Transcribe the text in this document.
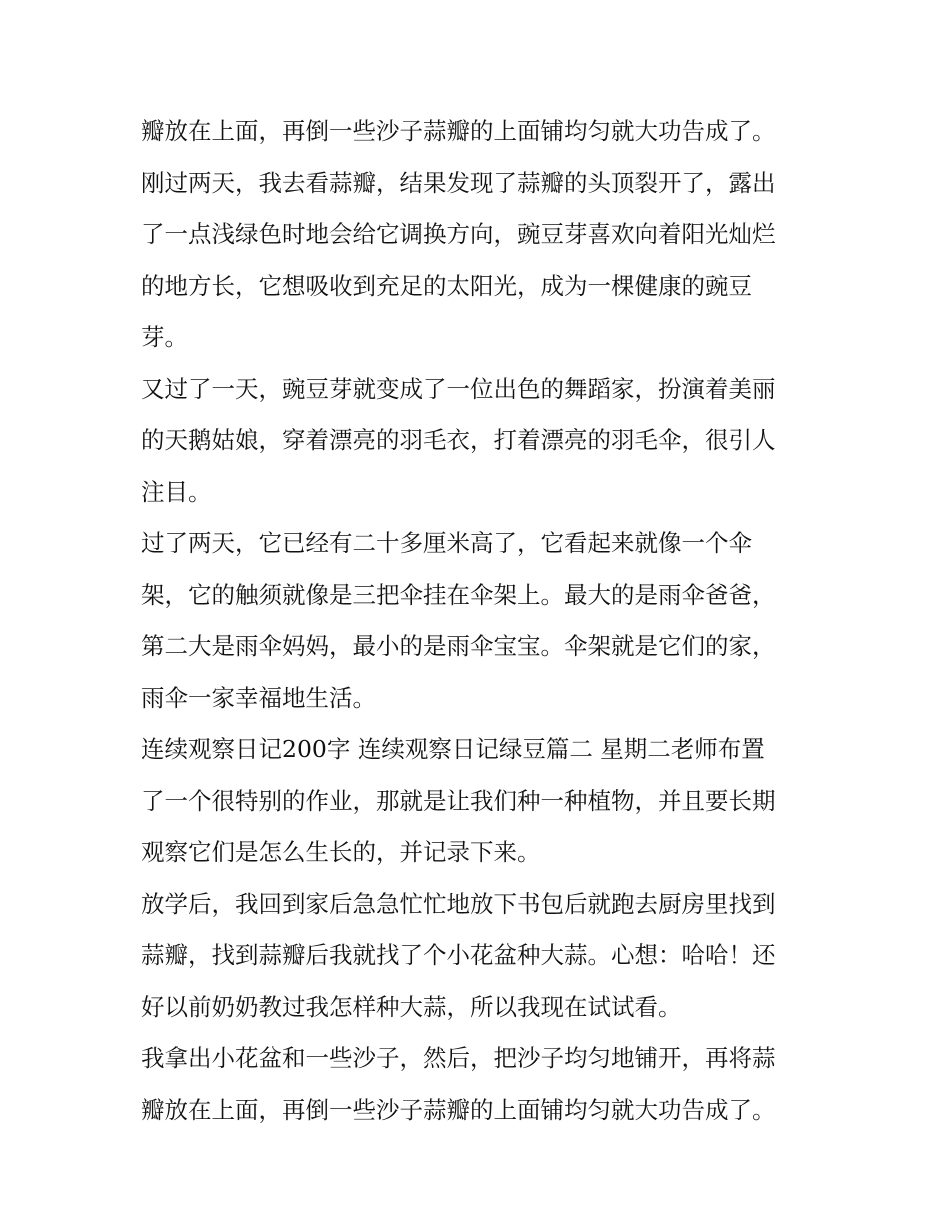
瓣放在上面，再倒一些沙子蒜瓣的上面铺均匀就大功告成了。
刚过两天，我去看蒜瓣，结果发现了蒜瓣的头顶裂开了，露出
了一点浅绿色时地会给它调换方向，豌豆芽喜欢向着阳光灿烂
的地方长，它想吸收到充足的太阳光，成为一棵健康的豌豆
芽。
又过了一天，豌豆芽就变成了一位出色的舞蹈家，扮演着美丽
的天鹅姑娘，穿着漂亮的羽毛衣，打着漂亮的羽毛伞，很引人
注目。
过了两天，它已经有二十多厘米高了，它看起来就像一个伞
架，它的触须就像是三把伞挂在伞架上。最大的是雨伞爸爸，
第二大是雨伞妈妈，最小的是雨伞宝宝。伞架就是它们的家，
雨伞一家幸福地生活。
连续观察日记200字 连续观察日记绿豆篇二 星期二老师布置
了一个很特别的作业，那就是让我们种一种植物，并且要长期
观察它们是怎么生长的，并记录下来。
放学后，我回到家后急急忙忙地放下书包后就跑去厨房里找到
蒜瓣，找到蒜瓣后我就找了个小花盆种大蒜。心想：哈哈！还
好以前奶奶教过我怎样种大蒜，所以我现在试试看。
我拿出小花盆和一些沙子，然后，把沙子均匀地铺开，再将蒜
瓣放在上面，再倒一些沙子蒜瓣的上面铺均匀就大功告成了。
